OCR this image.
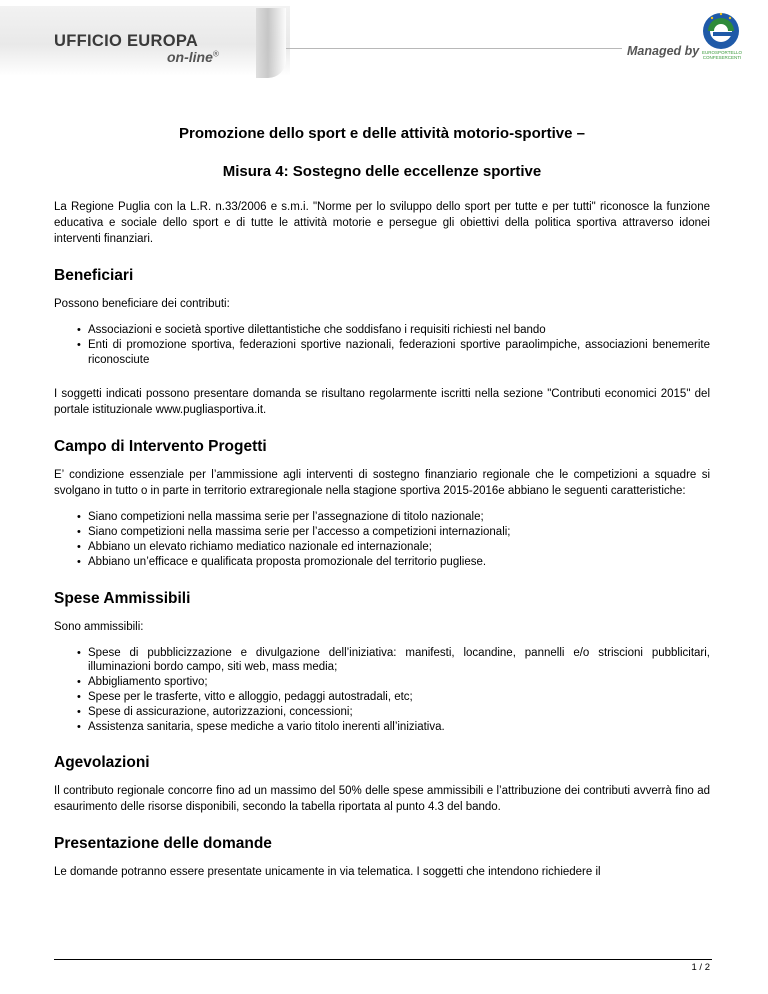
UFFICIO EUROPA
on-line®	Managed by EUROSPORTELLO CONFESERCENTI
Promozione dello sport e delle attività motorio-sportive –
Misura 4: Sostegno delle eccellenze sportive

La Regione Puglia con la L.R. n.33/2006 e s.m.i. "Norme per lo sviluppo dello sport per tutte e per tutti" riconosce la funzione educativa e sociale dello sport e di tutte le attività motorie e persegue gli obiettivi della politica sportiva attraverso idonei interventi finanziari.

Beneficiari

Possono beneficiare dei contributi:

• Associazioni e società sportive dilettantistiche che soddisfano i requisiti richiesti nel bando
• Enti di promozione sportiva, federazioni sportive nazionali, federazioni sportive paraolimpiche, associazioni benemerite riconosciute

I soggetti indicati possono presentare domanda se risultano regolarmente iscritti nella sezione "Contributi economici 2015" del portale istituzionale www.pugliasportiva.it.

Campo di Intervento Progetti

E’ condizione essenziale per l’ammissione agli interventi di sostegno finanziario regionale che le competizioni a squadre si svolgano in tutto o in parte in territorio extraregionale nella stagione sportiva 2015-2016e abbiano le seguenti caratteristiche:

• Siano competizioni nella massima serie per l’assegnazione di titolo nazionale;
• Siano competizioni nella massima serie per l’accesso a competizioni internazionali;
• Abbiano un elevato richiamo mediatico nazionale ed internazionale;
• Abbiano un’efficace e qualificata proposta promozionale del territorio pugliese.
Spese Ammissibili

Sono ammissibili:

• Spese di pubblicizzazione e divulgazione dell’iniziativa: manifesti, locandine, pannelli e/o striscioni pubblicitari, illuminazioni bordo campo, siti web, mass media;
• Abbigliamento sportivo;
• Spese per le trasferte, vitto e alloggio, pedaggi autostradali, etc;
• Spese di assicurazione, autorizzazioni, concessioni;
• Assistenza sanitaria, spese mediche a vario titolo inerenti all’iniziativa.
Agevolazioni

Il contributo regionale concorre fino ad un massimo del 50% delle spese ammissibili e l’attribuzione dei contributi avverrà fino ad esaurimento delle risorse disponibili, secondo la tabella riportata al punto 4.3 del bando.

Presentazione delle domande

Le domande potranno essere presentate unicamente in via telematica. I soggetti che intendono richiedere il

1 / 2
